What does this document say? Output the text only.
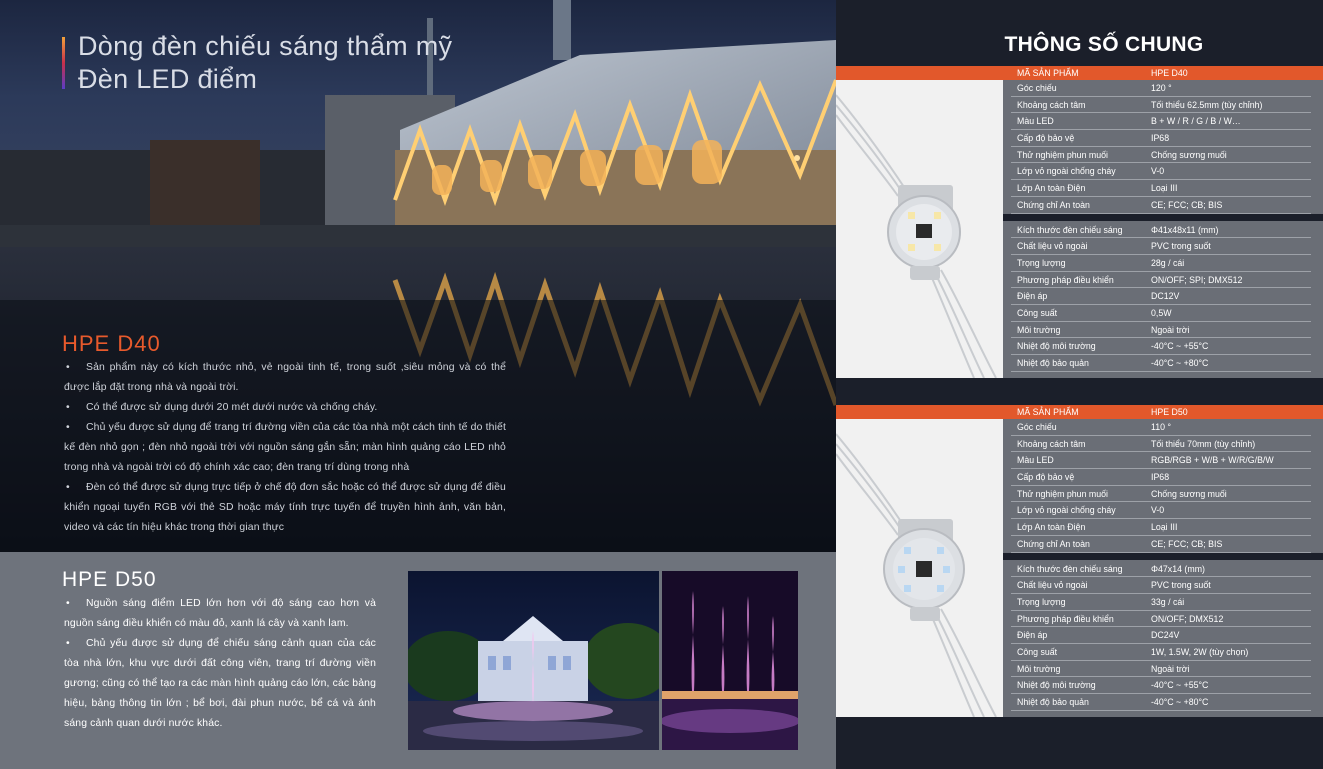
Dòng đèn chiếu sáng thẩm mỹ
Đèn LED điểm
HPE D40

• Sản phẩm này có kích thước nhỏ, vẻ ngoài tinh tế, trong suốt ,siêu mỏng và có thể được lắp đặt trong nhà và ngoài trời.

• Có thể được sử dụng dưới 20 mét dưới nước và chống cháy.

• Chủ yếu được sử dụng để trang trí đường viền của các tòa nhà một cách tinh tế do thiết kế đèn nhỏ gọn ; đèn nhỏ ngoài trời với nguồn sáng gắn sẵn; màn hình quảng cáo LED nhỏ trong nhà và ngoài trời có độ chính xác cao; đèn trang trí dùng trong nhà

• Đèn có thể được sử dụng trực tiếp ở chế độ đơn sắc hoặc có thể được sử dụng để điều khiển ngoại tuyến RGB với thẻ SD hoặc máy tính trực tuyến để truyền hình ảnh, văn bản, video và các tín hiệu khác trong thời gian thực

HPE D50

• Nguồn sáng điểm LED lớn hơn với độ sáng cao hơn và nguồn sáng điều khiển có màu đỏ, xanh lá cây và xanh lam.

• Chủ yếu được sử dụng để chiếu sáng cảnh quan của các tòa nhà lớn, khu vực dưới đất công viên, trang trí đường viền gương; cũng có thể tạo ra các màn hình quảng cáo lớn, các bảng hiệu, bảng thông tin lớn ; bể bơi, đài phun nước, bể cá và ánh sáng cảnh quan dưới nước khác.

THÔNG SỐ CHUNG
MÃ SẢN PHẨM	HPE D40
Góc chiếu	120 °
Khoảng cách tâm	Tối thiểu 62.5mm (tùy chỉnh)
Màu LED	B + W / R / G / B / W…
Cấp độ bảo vệ	IP68
Thử nghiệm phun muối	Chống sương muối
Lớp vỏ ngoài chống cháy	V-0
Lớp An toàn Điện	Loại III
Chứng chỉ An toàn	CE; FCC; CB; BIS
Kích thước đèn chiếu sáng	Φ41x48x11 (mm)
Chất liệu vỏ ngoài	PVC trong suốt
Trọng lượng	28g / cái
Phương pháp điều khiển	ON/OFF; SPI; DMX512
Điện áp	DC12V
Công suất	0,5W
Môi trường	Ngoài trời
Nhiệt độ môi trường	-40°C ~ +55°C
Nhiệt độ bảo quản	-40°C ~ +80°C
MÃ SẢN PHẨM	HPE D50
Góc chiếu	110 °
Khoảng cách tâm	Tối thiểu 70mm (tùy chỉnh)
Màu LED	RGB/RGB + W/B + W/R/G/B/W
Cấp độ bảo vệ	IP68
Thử nghiệm phun muối	Chống sương muối
Lớp vỏ ngoài chống cháy	V-0
Lớp An toàn Điện	Loại III
Chứng chỉ An toàn	CE; FCC; CB; BIS
Kích thước đèn chiếu sáng	Φ47x14 (mm)
Chất liệu vỏ ngoài	PVC trong suốt
Trọng lượng	33g / cái
Phương pháp điều khiển	ON/OFF; DMX512
Điện áp	DC24V
Công suất	1W, 1.5W, 2W (tùy chọn)
Môi trường	Ngoài trời
Nhiệt độ môi trường	-40°C ~ +55°C
Nhiệt độ bảo quản	-40°C ~ +80°C
